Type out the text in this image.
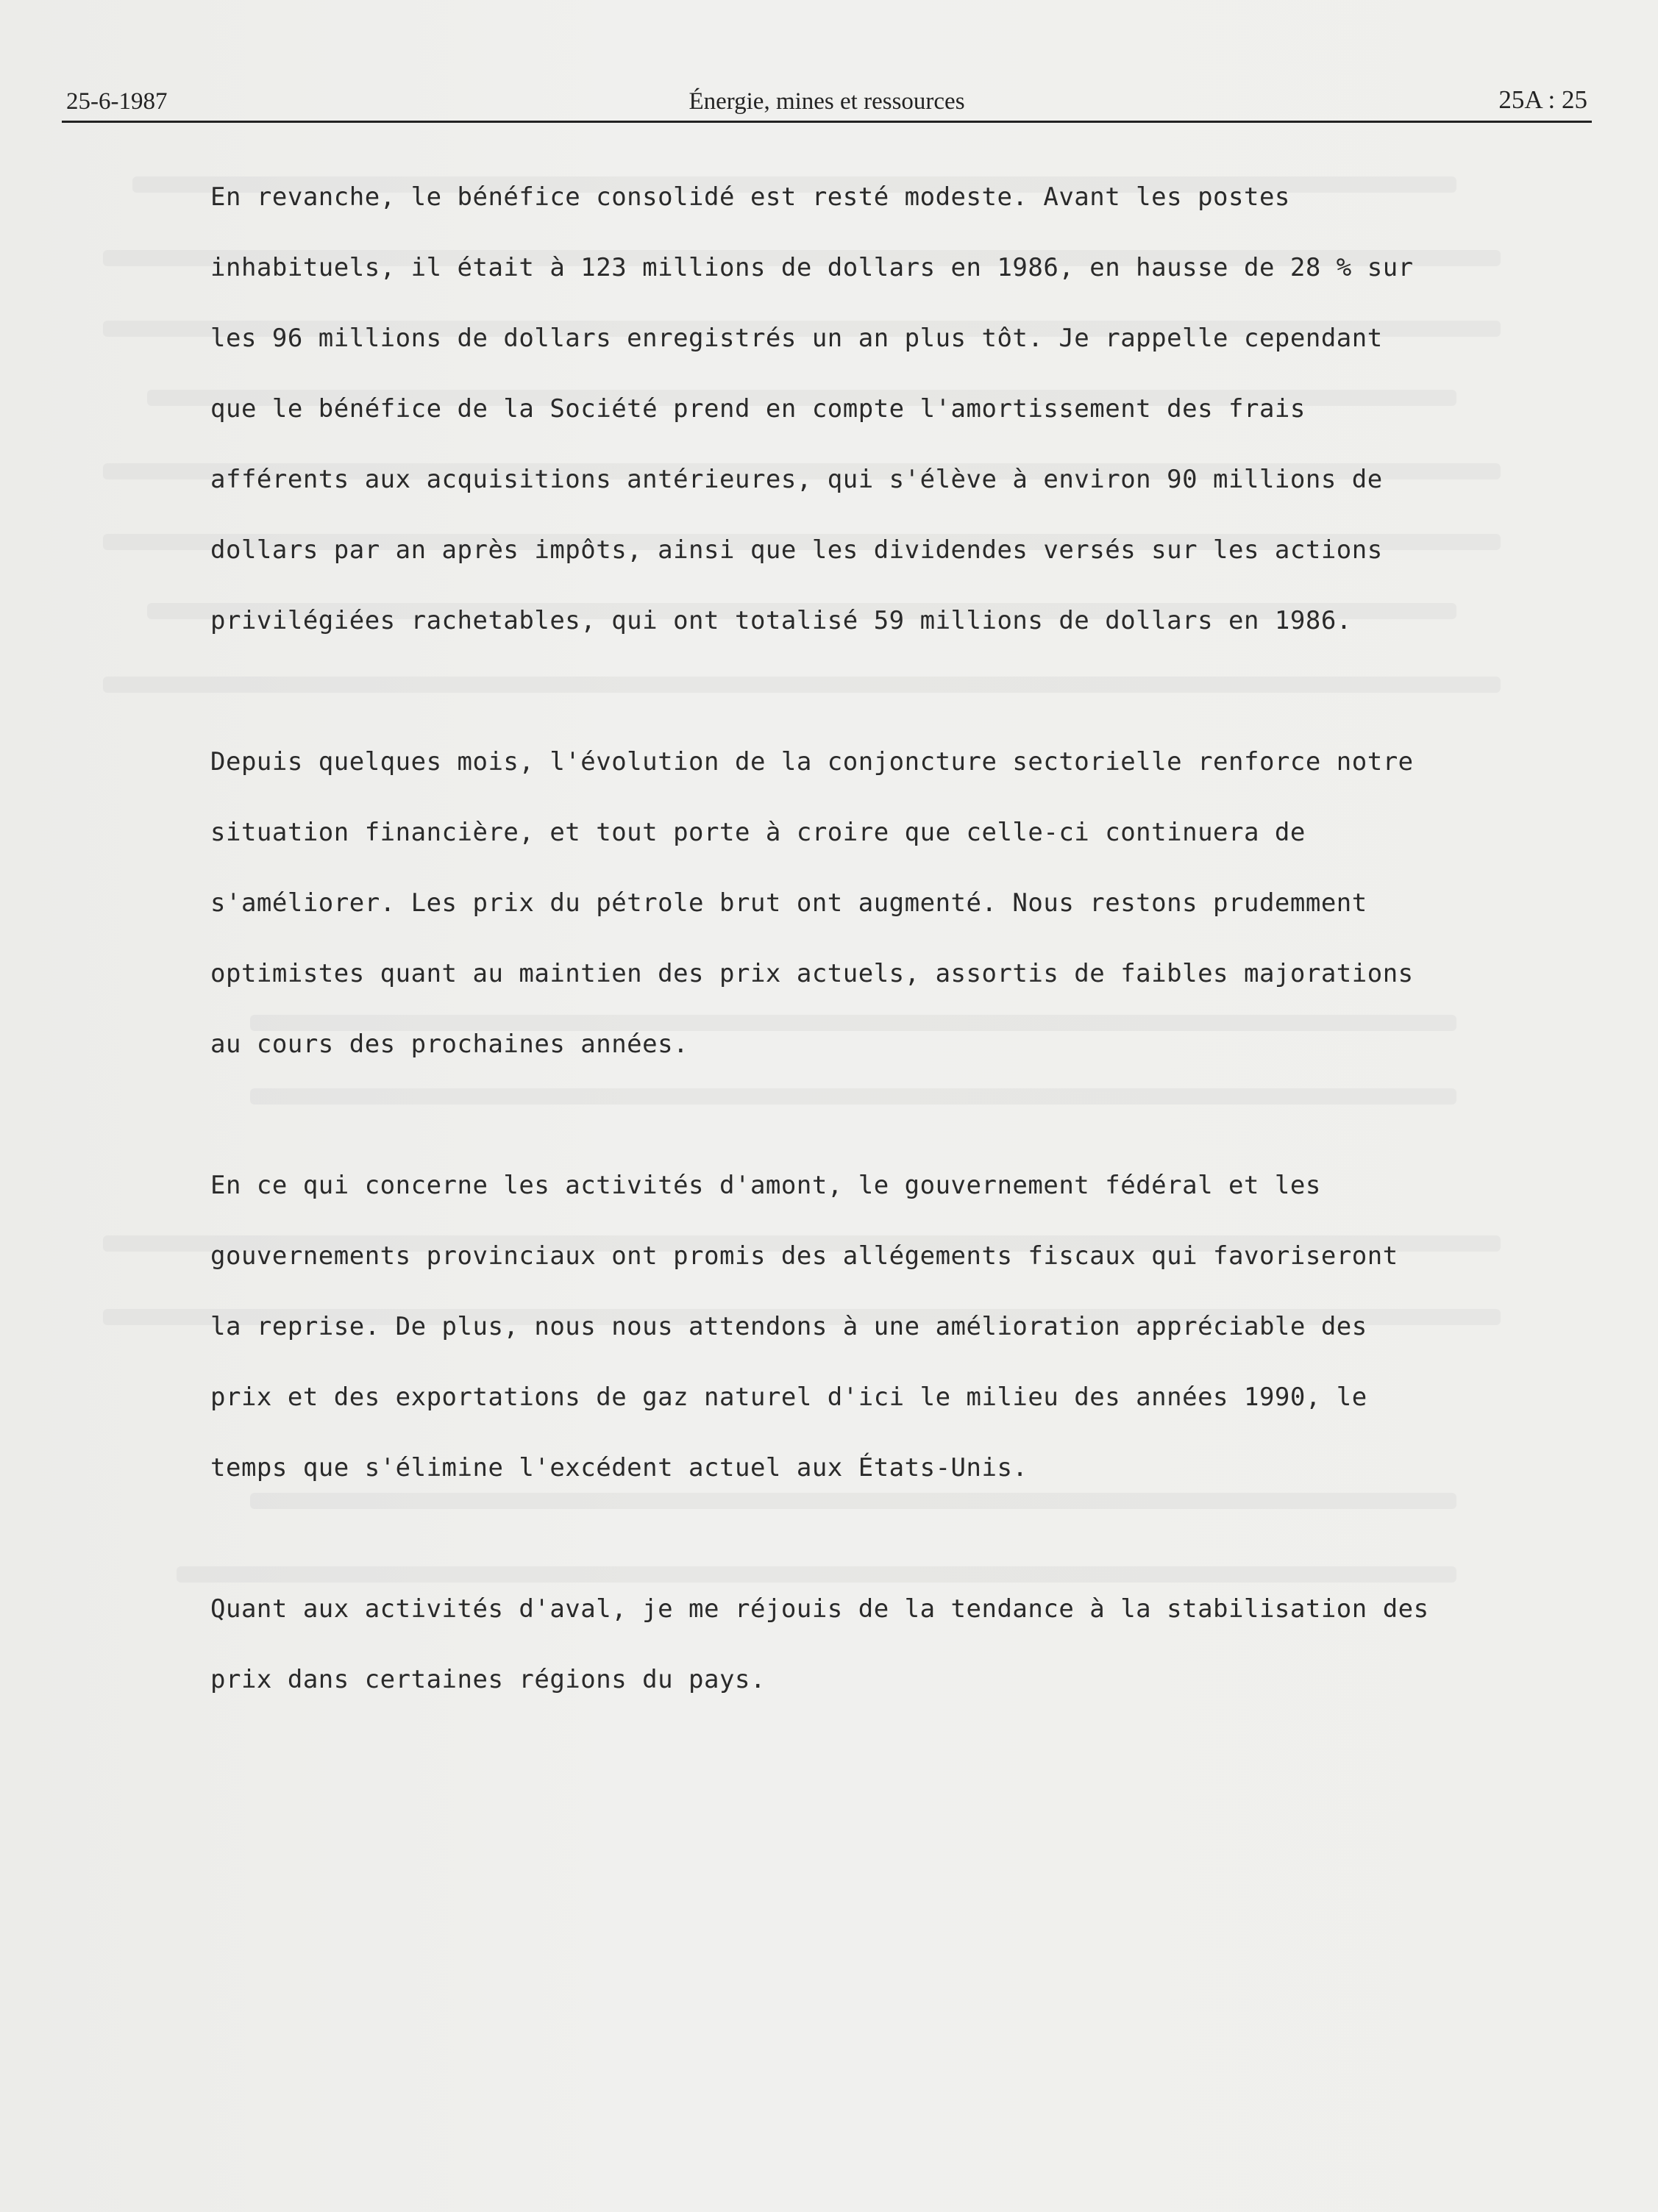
25-6-1987	Énergie, mines et ressources	25A : 25
En revanche, le bénéfice consolidé est resté modeste. Avant les postes
inhabituels, il était à 123 millions de dollars en 1986, en hausse de 28 % sur
les 96 millions de dollars enregistrés un an plus tôt. Je rappelle cependant
que le bénéfice de la Société prend en compte l'amortissement des frais
afférents aux acquisitions antérieures, qui s'élève à environ 90 millions de
dollars par an après impôts, ainsi que les dividendes versés sur les actions
privilégiées rachetables, qui ont totalisé 59 millions de dollars en 1986.
Depuis quelques mois, l'évolution de la conjoncture sectorielle renforce notre
situation financière, et tout porte à croire que celle-ci continuera de
s'améliorer. Les prix du pétrole brut ont augmenté. Nous restons prudemment
optimistes quant au maintien des prix actuels, assortis de faibles majorations
au cours des prochaines années.
En ce qui concerne les activités d'amont, le gouvernement fédéral et les
gouvernements provinciaux ont promis des allégements fiscaux qui favoriseront
la reprise. De plus, nous nous attendons à une amélioration appréciable des
prix et des exportations de gaz naturel d'ici le milieu des années 1990, le
temps que s'élimine l'excédent actuel aux États-Unis.
Quant aux activités d'aval, je me réjouis de la tendance à la stabilisation des
prix dans certaines régions du pays.
